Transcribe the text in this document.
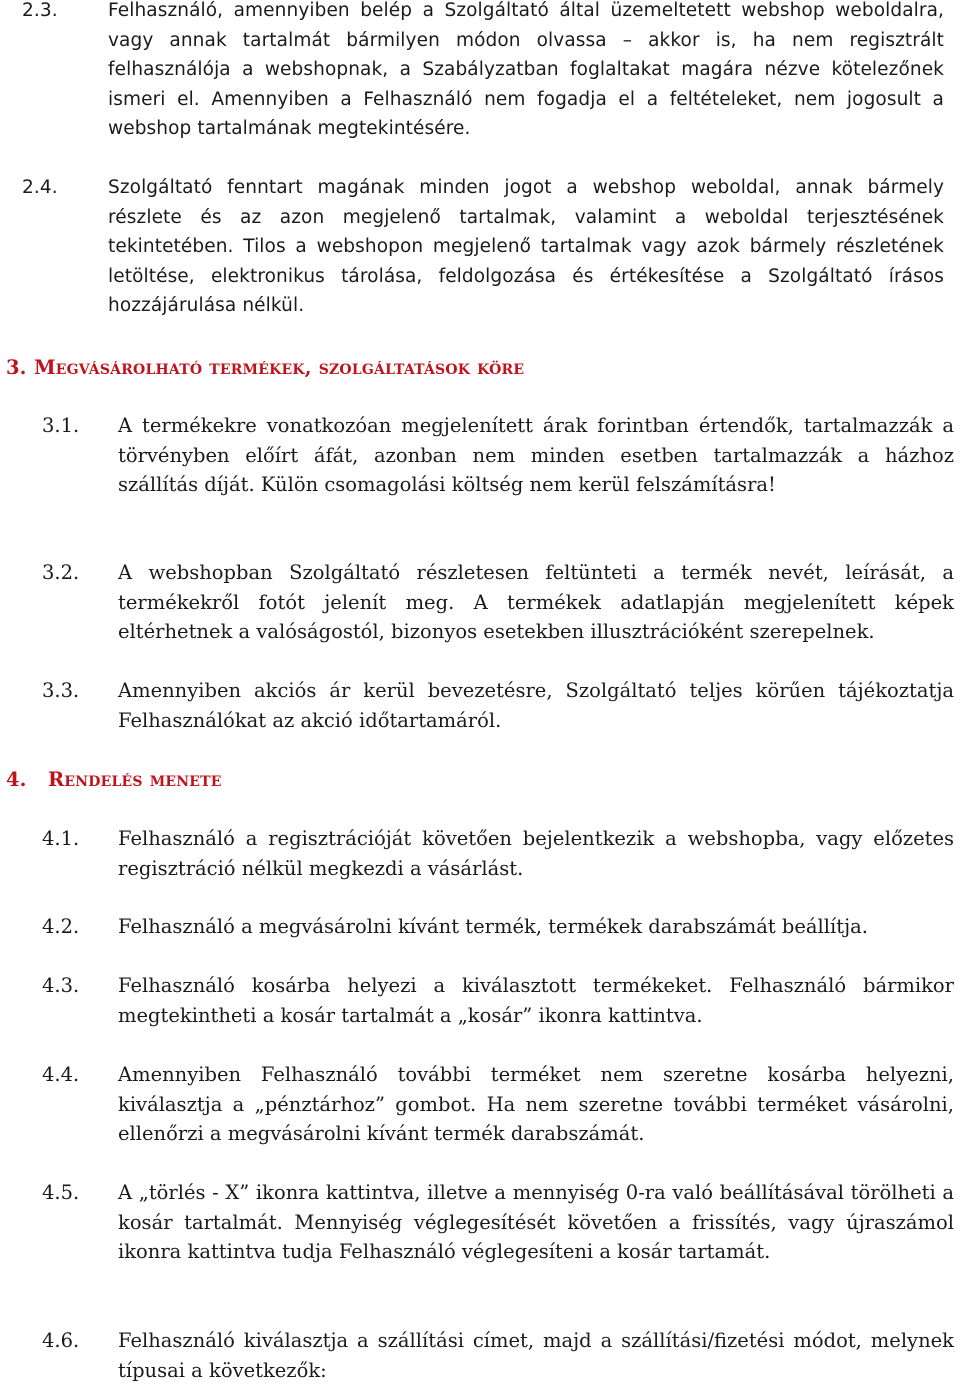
2.3.	Felhasználó, amennyiben belép a Szolgáltató által üzemeltetett webshop weboldalra, vagy annak tartalmát bármilyen módon olvassa – akkor is, ha nem regisztrált felhasználója a webshopnak, a Szabályzatban foglaltakat magára nézve kötelezőnek ismeri el. Amennyiben a Felhasználó nem fogadja el a feltételeket, nem jogosult a webshop tartalmának megtekintésére.
2.4.	Szolgáltató fenntart magának minden jogot a webshop weboldal, annak bármely részlete és az azon megjelenő tartalmak, valamint a weboldal terjesztésének tekintetében. Tilos a webshopon megjelenő tartalmak vagy azok bármely részletének letöltése, elektronikus tárolása, feldolgozása és értékesítése a Szolgáltató írásos hozzájárulása nélkül.
3. Megvásárolható termékek, szolgáltatások köre
3.1. A termékekre vonatkozóan megjelenített árak forintban értendők, tartalmazzák a törvényben előírt áfát, azonban nem minden esetben tartalmazzák a házhoz szállítás díját. Külön csomagolási költség nem kerül felszámításra!
3.2. A webshopban Szolgáltató részletesen feltünteti a termék nevét, leírását, a termékekről fotót jelenít meg. A termékek adatlapján megjelenített képek eltérhetnek a valóságostól, bizonyos esetekben illusztrációként szerepelnek.
3.3. Amennyiben akciós ár kerül bevezetésre, Szolgáltató teljes körűen tájékoztatja Felhasználókat az akció időtartamáról.
4. Rendelés menete
4.1. Felhasználó a regisztrációját követően bejelentkezik a webshopba, vagy előzetes regisztráció nélkül megkezdi a vásárlást.
4.2. Felhasználó a megvásárolni kívánt termék, termékek darabszámát beállítja.
4.3. Felhasználó kosárba helyezi a kiválasztott termékeket. Felhasználó bármikor megtekintheti a kosár tartalmát a „kosár” ikonra kattintva.
4.4. Amennyiben Felhasználó további terméket nem szeretne kosárba helyezni, kiválasztja a „pénztárhoz” gombot. Ha nem szeretne további terméket vásárolni, ellenőrzi a megvásárolni kívánt termék darabszámát.
4.5. A „törlés - X” ikonra kattintva, illetve a mennyiség 0-ra való beállításával törölheti a kosár tartalmát. Mennyiség véglegesítését követően a frissítés, vagy újraszámol ikonra kattintva tudja Felhasználó véglegesíteni a kosár tartamát.
4.6. Felhasználó kiválasztja a szállítási címet, majd a szállítási/fizetési módot, melynek típusai a következők:
